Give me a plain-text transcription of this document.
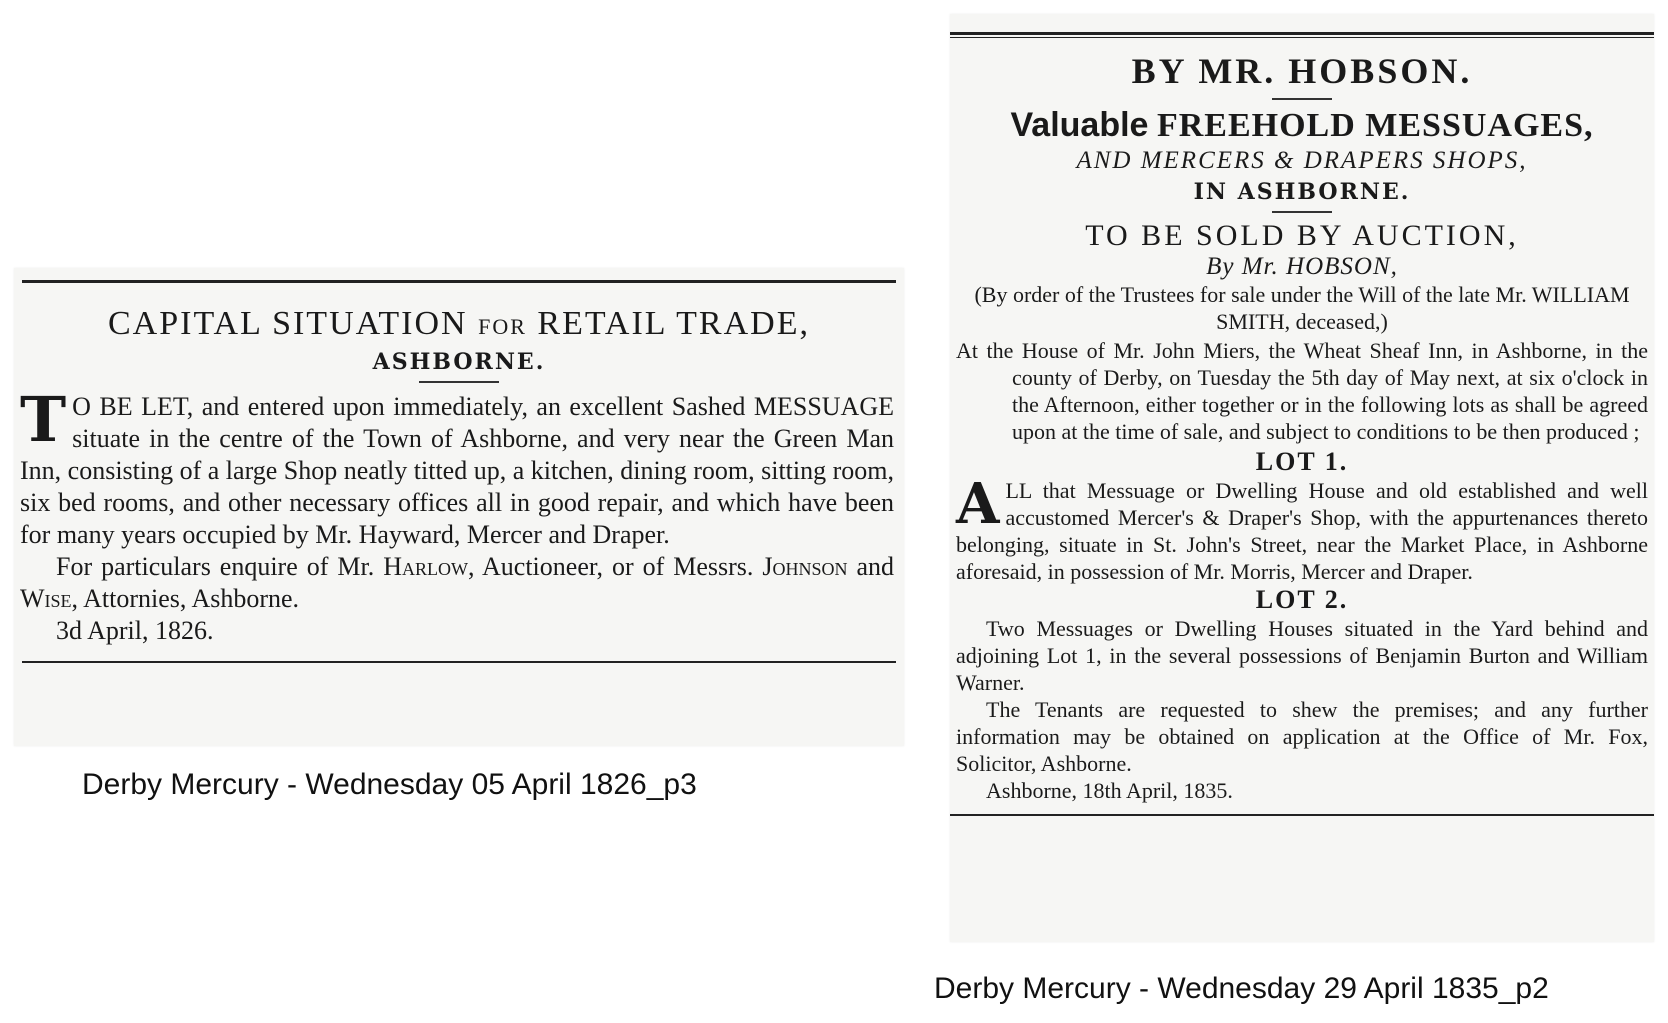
CAPITAL SITUATION FOR RETAIL TRADE,
ASHBORNE.
T O BE LET, and entered upon immediately, an excellent Sashed MESSUAGE situate in the centre of the Town of Ashborne, and very near the Green Man Inn, consisting of a large Shop neatly titted up, a kitchen, dining room, sitting room, six bed rooms, and other necessary offices all in good repair, and which have been for many years occupied by Mr. Hayward, Mercer and Draper.
For particulars enquire of Mr. Harlow, Auctioneer, or of Messrs. Johnson and Wise, Attornies, Ashborne.
3d April, 1826.
Derby Mercury - Wednesday 05 April 1826_p3
BY MR. HOBSON.
Valuable FREEHOLD MESSUAGES,
AND MERCERS & DRAPERS SHOPS,
IN ASHBORNE.
TO BE SOLD BY AUCTION,
By Mr. HOBSON,
(By order of the Trustees for sale under the Will of the late Mr. WILLIAM SMITH, deceased,)
At the House of Mr. John Miers, the Wheat Sheaf Inn, in Ashborne, in the county of Derby, on Tuesday the 5th day of May next, at six o'clock in the Afternoon, either together or in the following lots as shall be agreed upon at the time of sale, and subject to conditions to be then produced ;
LOT 1.
A LL that Messuage or Dwelling House and old established and well accustomed Mercer's & Draper's Shop, with the appurtenances thereto belonging, situate in St. John's Street, near the Market Place, in Ashborne aforesaid, in possession of Mr. Morris, Mercer and Draper.
LOT 2.
Two Messuages or Dwelling Houses situated in the Yard behind and adjoining Lot 1, in the several possessions of Benjamin Burton and William Warner.
The Tenants are requested to shew the premises; and any further information may be obtained on application at the Office of Mr. Fox, Solicitor, Ashborne.
Ashborne, 18th April, 1835.
Derby Mercury - Wednesday 29 April 1835_p2
